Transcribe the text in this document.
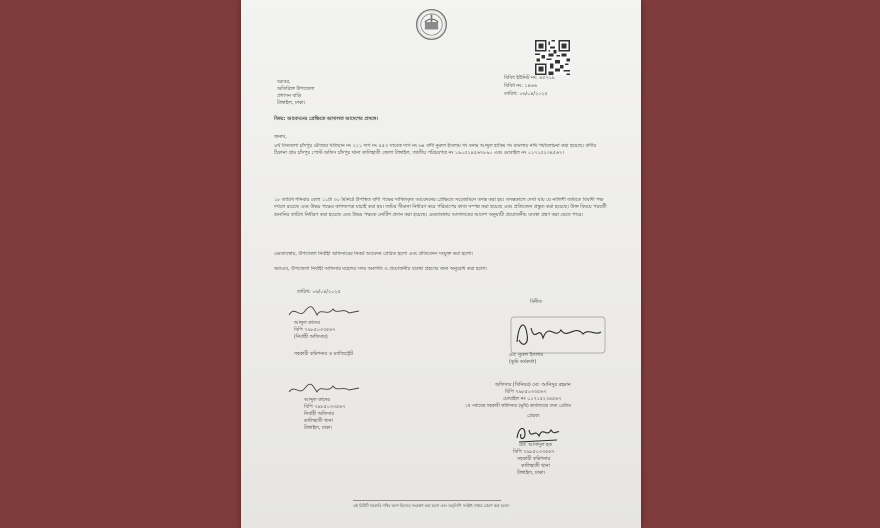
বিবিধ ইউনিট নং: ৪৫৭১৯
বিবিধ নং: ১৪৬৬
তারিখ: ০৬/০৪/২০২৫
বরাবর,
অতিরিক্ত উপজেলা
প্রশাসন বাড়ি
টাঙ্গাইল, ঢাকা।
বিষয়: আবেদনের প্রেক্ষিতে আদালত আদেশের প্রসঙ্গে।
জনাব,
৪র্থ তিনতলা চাঁদপুর মৌজার খতিয়ান নং ২২১ দাগ নং ৪৫৩ সাবেক দাগ নং ৬৪ বাদী নুরুল ইসলাম গং বনাম আব্দুল হাকিম গং মামলায় নথি পর্যালোচনা করা হয়েছে। বাদীর ঠিকানা গ্রাম চাঁদপুর পোস্ট অফিস চাঁদপুর থানা কালিহাতী জেলা টাঙ্গাইল, জাতীয় পরিচয়পত্র নং ১৯০৫২৪৫৬৭৮৯০ এবং মোবাইল নং ০১৭১৫২৩৪৫৬৭।
১৮ তারিখ শনিবার বেলা ১১টা ৩০ মিনিটে উপস্থিত বাদী পক্ষের দাখিলকৃত আবেদনের প্রেক্ষিতে সরেজমিনে তদন্ত করা হয়। তদন্তকালে দেখা যায় যে নালিশী জমিতে বিবাদী পক্ষ দখলে রয়েছে এবং উভয় পক্ষের কাগজপত্র যাচাই করা হয়। জমির সীমানা নির্ধারণ করে পরিমাপের কাজ সম্পন্ন করা হয়েছে এবং প্রতিবেদন প্রস্তুত করা হয়েছে। উক্ত বিষয়ে পরবর্তী শুনানির তারিখ নির্ধারণ করা হয়েছে এবং উভয় পক্ষকে নোটিশ প্রদান করা হয়েছে। এমতাবস্থায় আদালতের আদেশ অনুযায়ী প্রয়োজনীয় ব্যবস্থা গ্রহণ করা যেতে পারে।
এমতাবস্থায়, উপজেলা নির্বাহী অফিসারের নিকট আবেদন প্রেরিত হলো এবং প্রতিবেদন সংযুক্ত করা হলো।
অতএব, উপজেলা নির্বাহী অফিসার মহোদয় সদয় অবগতি ও প্রয়োজনীয় ব্যবস্থা গ্রহণের জন্য অনুরোধ করা হলো।
তারিখ: ০৬/০৪/২০২৫
বিনীত
আব্দুল কাদের
বিপি ৭৯৮৫০৩৩৫৬৭
(নির্বাহী অফিসার)
সহকারী কমিশনার ও ম্যাজিস্ট্রেট	মো: নুরুল ইসলাম
(ভূমি কর্মকর্তা)
আব্দুল কাদের
বিপি ৭৯৮৫০৩৩৫৬৭
নির্বাহী অফিসার
কালিহাতী থানা
টাঙ্গাইল, ঢাকা।
অফিসার (সিনিয়র) মো: আনিসুর রহমান
বিপি ৭৯৮৫০৩৩৫৬৭
মোবাইল নং ০১৭১৫২৩৪৫৬৭
১ম পর্যায়ের সহকারী কমিশনার (ভূমি) কার্যালয়ের জন্য প্রেরিত
প্রেরক:
মো: আসাদুল হক
বিপি ৭৯৮৫০৩৩৫৬৭
সহকারী কমিশনার
কালিহাতী থানা
টাঙ্গাইল, ঢাকা।
এই চিঠিটি সরকারি নথির অংশ হিসেবে সংরক্ষণ করা হলো এবং অনুলিপি সংশ্লিষ্ট দপ্তরে প্রেরণ করা হলো।
